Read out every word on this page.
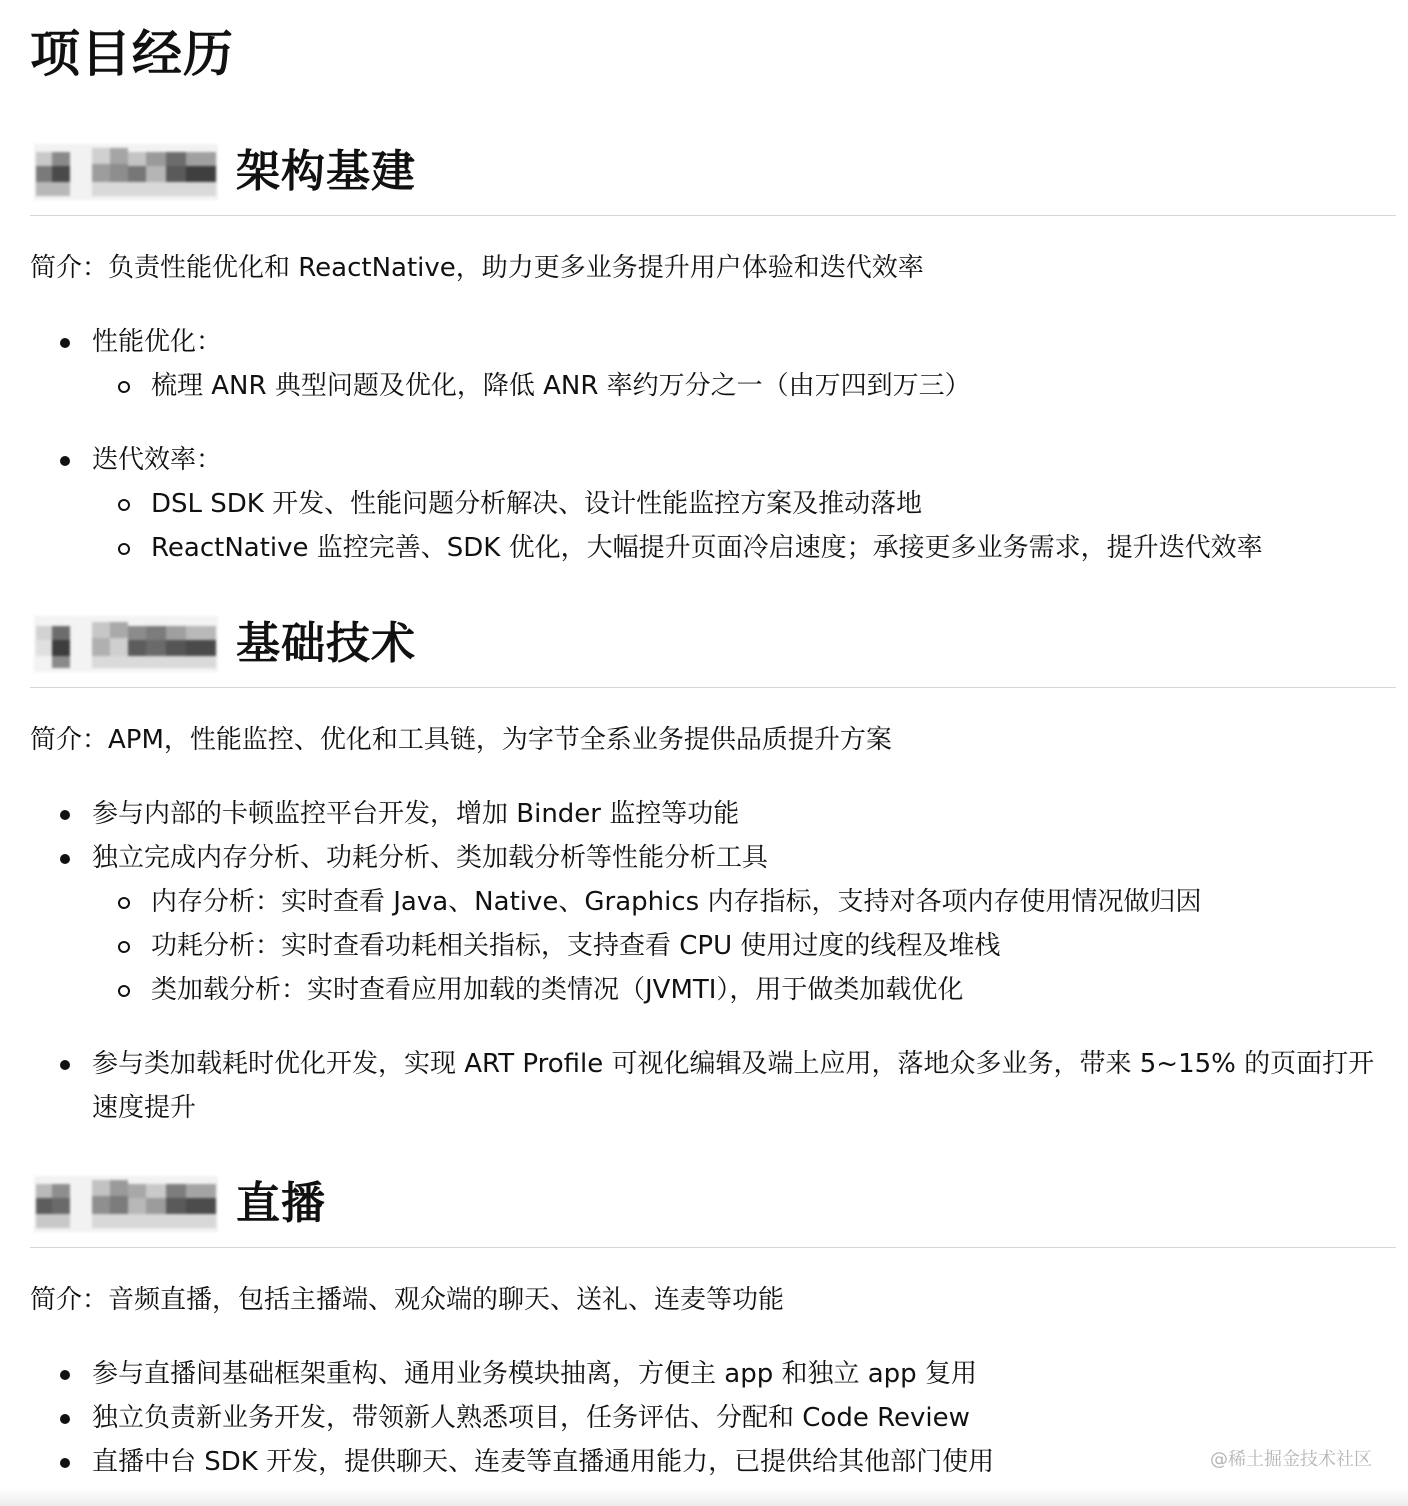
项目经历
架构基建

简介：负责性能优化和 ReactNative，助力更多业务提升用户体验和迭代效率

性能优化：
梳理 ANR 典型问题及优化，降低 ANR 率约万分之一（由万四到万三）
迭代效率：
DSL SDK 开发、性能问题分析解决、设计性能监控方案及推动落地
ReactNative 监控完善、SDK 优化，大幅提升页面冷启速度；承接更多业务需求，提升迭代效率
基础技术

简介：APM，性能监控、优化和工具链，为字节全系业务提供品质提升方案

参与内部的卡顿监控平台开发，增加 Binder 监控等功能
独立完成内存分析、功耗分析、类加载分析等性能分析工具
内存分析：实时查看 Java、Native、Graphics 内存指标，支持对各项内存使用情况做归因
功耗分析：实时查看功耗相关指标，支持查看 CPU 使用过度的线程及堆栈
类加载分析：实时查看应用加载的类情况（JVMTI），用于做类加载优化
参与类加载耗时优化开发，实现 ART Profile 可视化编辑及端上应用，落地众多业务，带来 5~15% 的页面打开速度提升
直播

简介：音频直播，包括主播端、观众端的聊天、送礼、连麦等功能

参与直播间基础框架重构、通用业务模块抽离，方便主 app 和独立 app 复用
独立负责新业务开发，带领新人熟悉项目，任务评估、分配和 Code Review
直播中台 SDK 开发，提供聊天、连麦等直播通用能力，已提供给其他部门使用	@稀土掘金技术社区
